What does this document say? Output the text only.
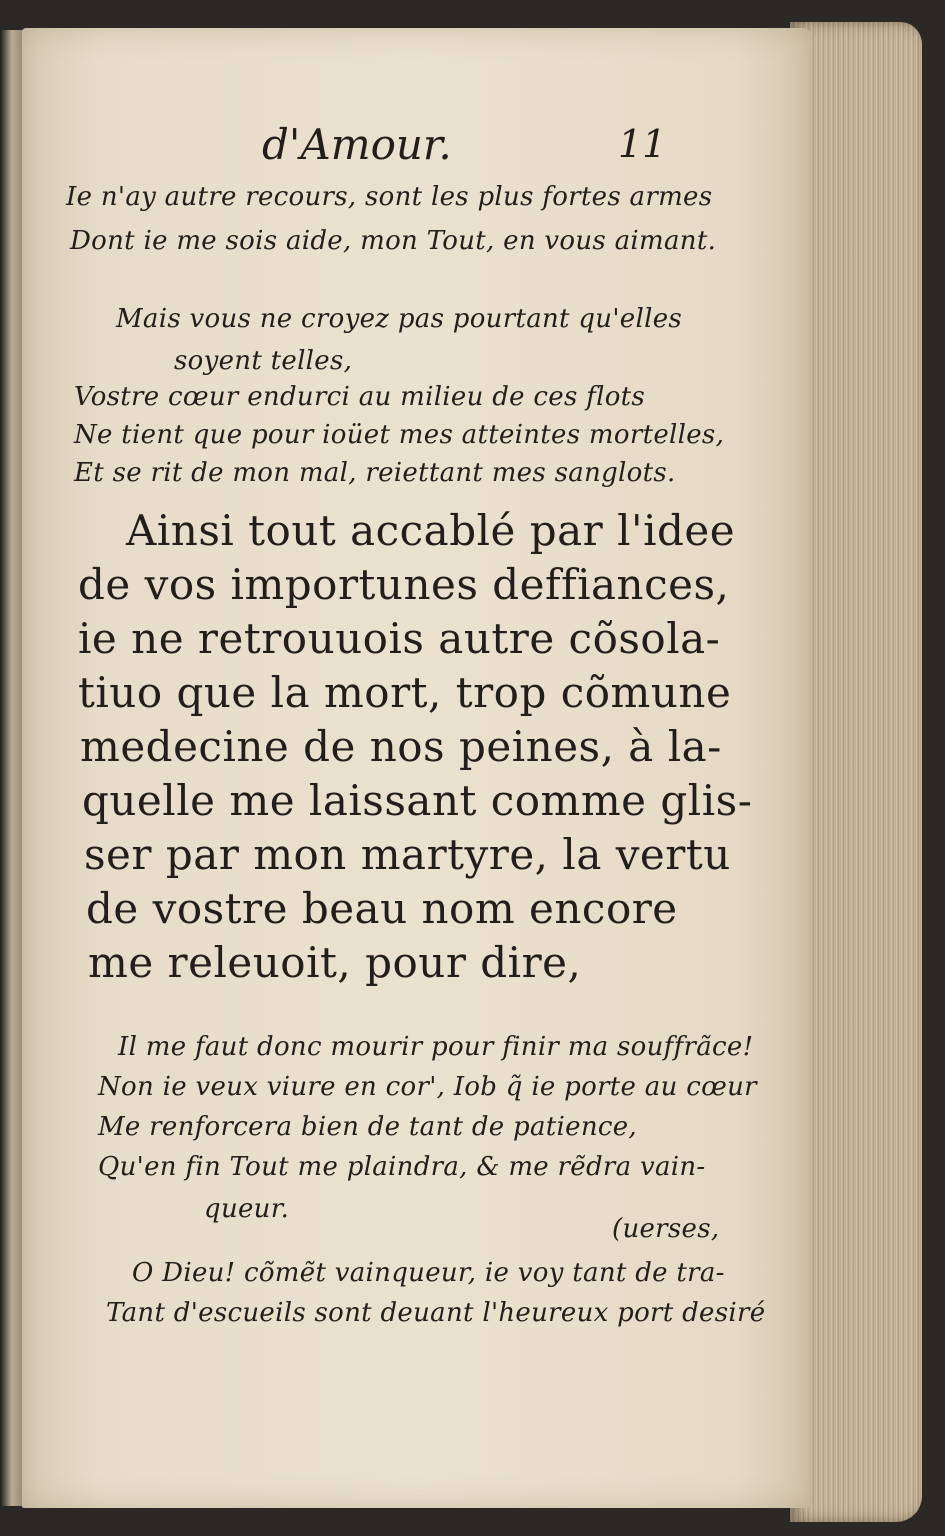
d'Amour.	11
Ie n'ay autre recours, sont les plus fortes armes
Dont ie me sois aide, mon Tout, en vous aimant.
Mais vous ne croyez pas pourtant qu'elles
soyent telles,
Vostre cœur endurci au milieu de ces flots
Ne tient que pour ioüet mes atteintes mortelles,
Et se rit de mon mal, reiettant mes sanglots.
Ainsi tout accablé par l'idee
de vos importunes deffiances,
ie ne retrouuois autre cõsola-
tiuo que la mort, trop cõmune
medecine de nos peines, à la-
quelle me laissant comme glis-
ser par mon martyre, la vertu
de vostre beau nom encore
me releuoit, pour dire,
Il me faut donc mourir pour finir ma souffrãce!
Non ie veux viure en cor', Iob q̃ ie porte au cœur
Me renforcera bien de tant de patience,
Qu'en fin Tout me plaindra, & me rẽdra vain-
queur.
(uerses,
O Dieu! cõmẽt vainqueur, ie voy tant de tra-
Tant d'escueils sont deuant l'heureux port desiré
